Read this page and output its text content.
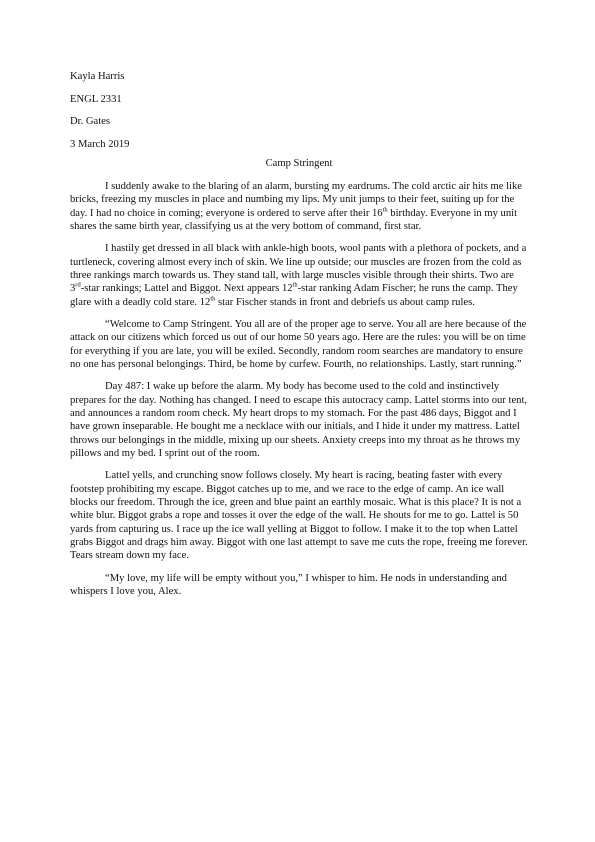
Kayla Harris
ENGL 2331
Dr. Gates
3 March 2019
Camp Stringent

I suddenly awake to the blaring of an alarm, bursting my eardrums. The cold arctic air hits me like bricks, freezing my muscles in place and numbing my lips. My unit jumps to their feet, suiting up for the day. I had no choice in coming; everyone is ordered to serve after their 16th birthday. Everyone in my unit shares the same birth year, classifying us at the very bottom of command, first star.

I hastily get dressed in all black with ankle-high boots, wool pants with a plethora of pockets, and a turtleneck, covering almost every inch of skin. We line up outside; our muscles are frozen from the cold as three rankings march towards us. They stand tall, with large muscles visible through their shirts. Two are 3rd-star rankings; Lattel and Biggot. Next appears 12th-star ranking Adam Fischer; he runs the camp. They glare with a deadly cold stare. 12th star Fischer stands in front and debriefs us about camp rules.

“Welcome to Camp Stringent. You all are of the proper age to serve. You all are here because of the attack on our citizens which forced us out of our home 50 years ago. Here are the rules: you will be on time for everything if you are late, you will be exiled. Secondly, random room searches are mandatory to ensure no one has personal belongings. Third, be home by curfew. Fourth, no relationships. Lastly, start running.”

Day 487: I wake up before the alarm. My body has become used to the cold and instinctively prepares for the day. Nothing has changed. I need to escape this autocracy camp. Lattel storms into our tent, and announces a random room check. My heart drops to my stomach. For the past 486 days, Biggot and I have grown inseparable. He bought me a necklace with our initials, and I hide it under my mattress. Lattel throws our belongings in the middle, mixing up our sheets. Anxiety creeps into my throat as he throws my pillows and my bed. I sprint out of the room.

Lattel yells, and crunching snow follows closely. My heart is racing, beating faster with every footstep prohibiting my escape. Biggot catches up to me, and we race to the edge of camp. An ice wall blocks our freedom. Through the ice, green and blue paint an earthly mosaic. What is this place? It is not a white blur. Biggot grabs a rope and tosses it over the edge of the wall. He shouts for me to go. Lattel is 50 yards from capturing us. I race up the ice wall yelling at Biggot to follow. I make it to the top when Lattel grabs Biggot and drags him away. Biggot with one last attempt to save me cuts the rope, freeing me forever. Tears stream down my face.

“My love, my life will be empty without you,” I whisper to him. He nods in understanding and whispers I love you, Alex.
